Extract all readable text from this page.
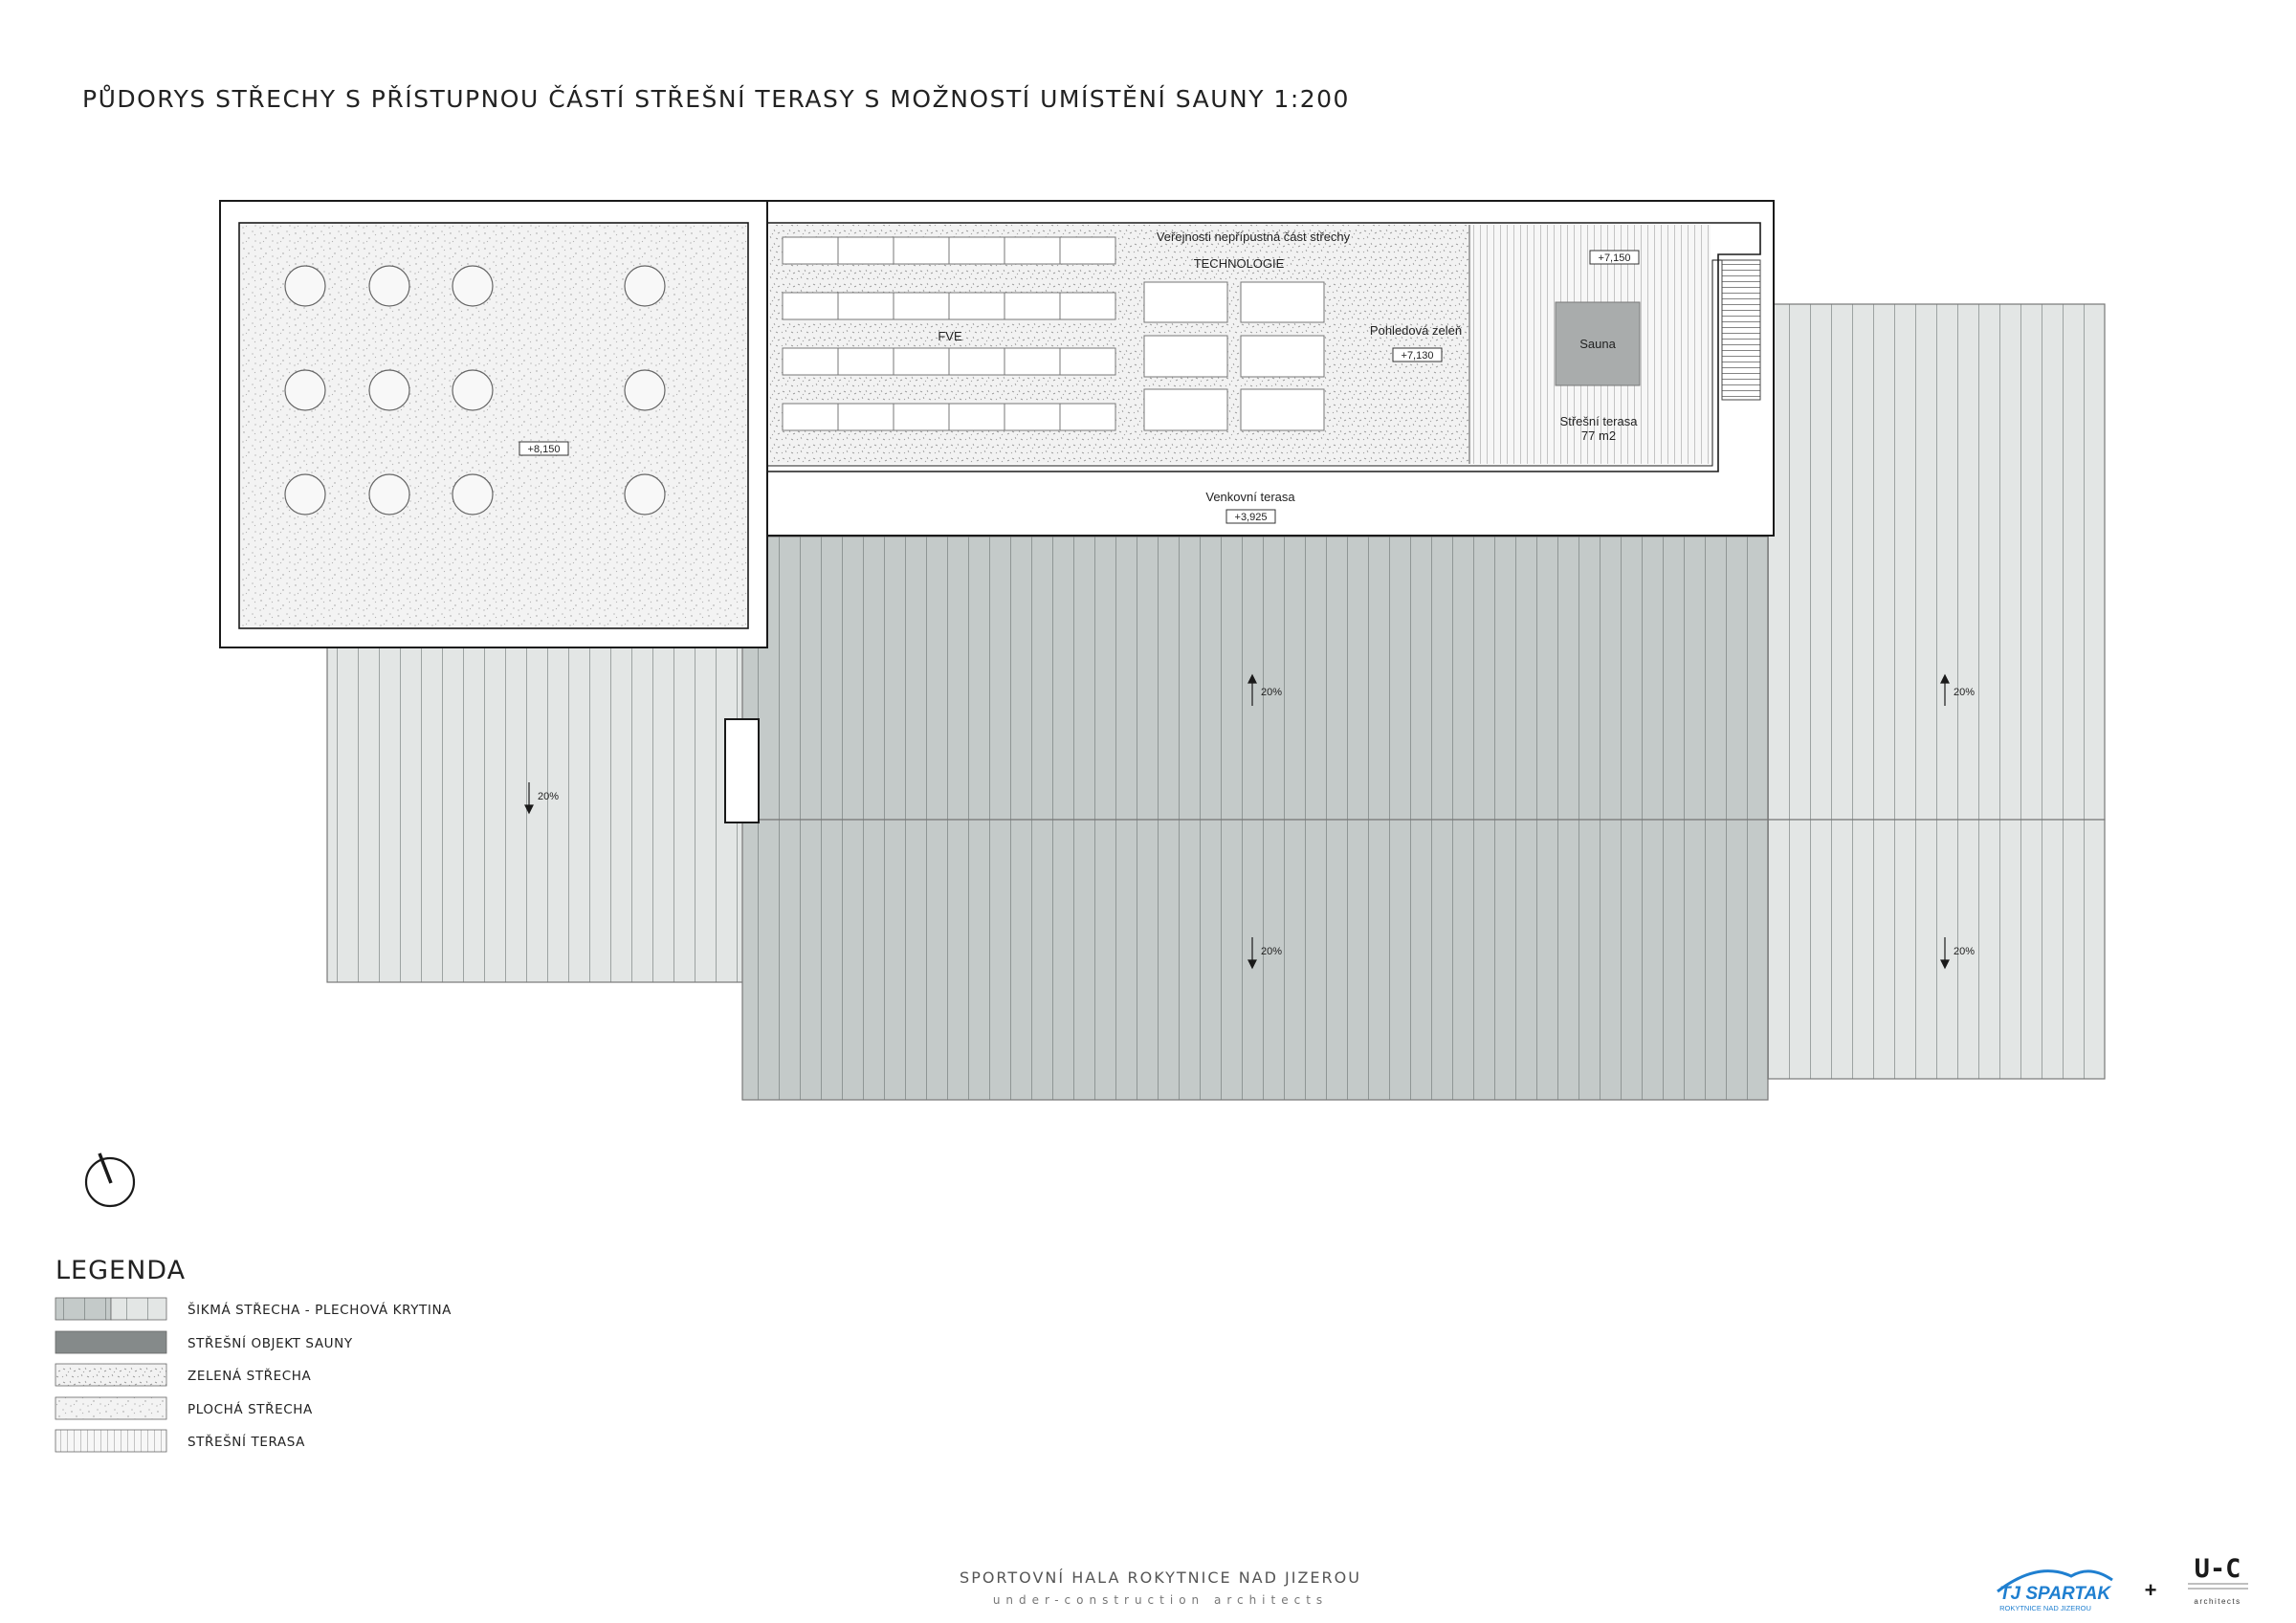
PŮDORYS STŘECHY S PŘÍSTUPNOU ČÁSTÍ STŘEŠNÍ TERASY S MOŽNOSTÍ UMÍSTĚNÍ SAUNY 1:200
+8,150
Veřejnosti nepřípustná část střechy
TECHNOLOGIE
FVE	Pohledová zeleň
+7,130
+7,150
Sauna
Střešní terasa
77 m2
Venkovní terasa
+3,925
20%	20%
20%
20%	20%
LEGENDA
ŠIKMÁ STŘECHA - PLECHOVÁ KRYTINA
STŘEŠNÍ OBJEKT SAUNY
ZELENÁ STŘECHA
PLOCHÁ STŘECHA
STŘEŠNÍ TERASA
SPORTOVNÍ HALA ROKYTNICE NAD JIZEROU
under-construction architects	TJ SPARTAK
ROKYTNICE NAD JIZEROU
+
U-C
architects
